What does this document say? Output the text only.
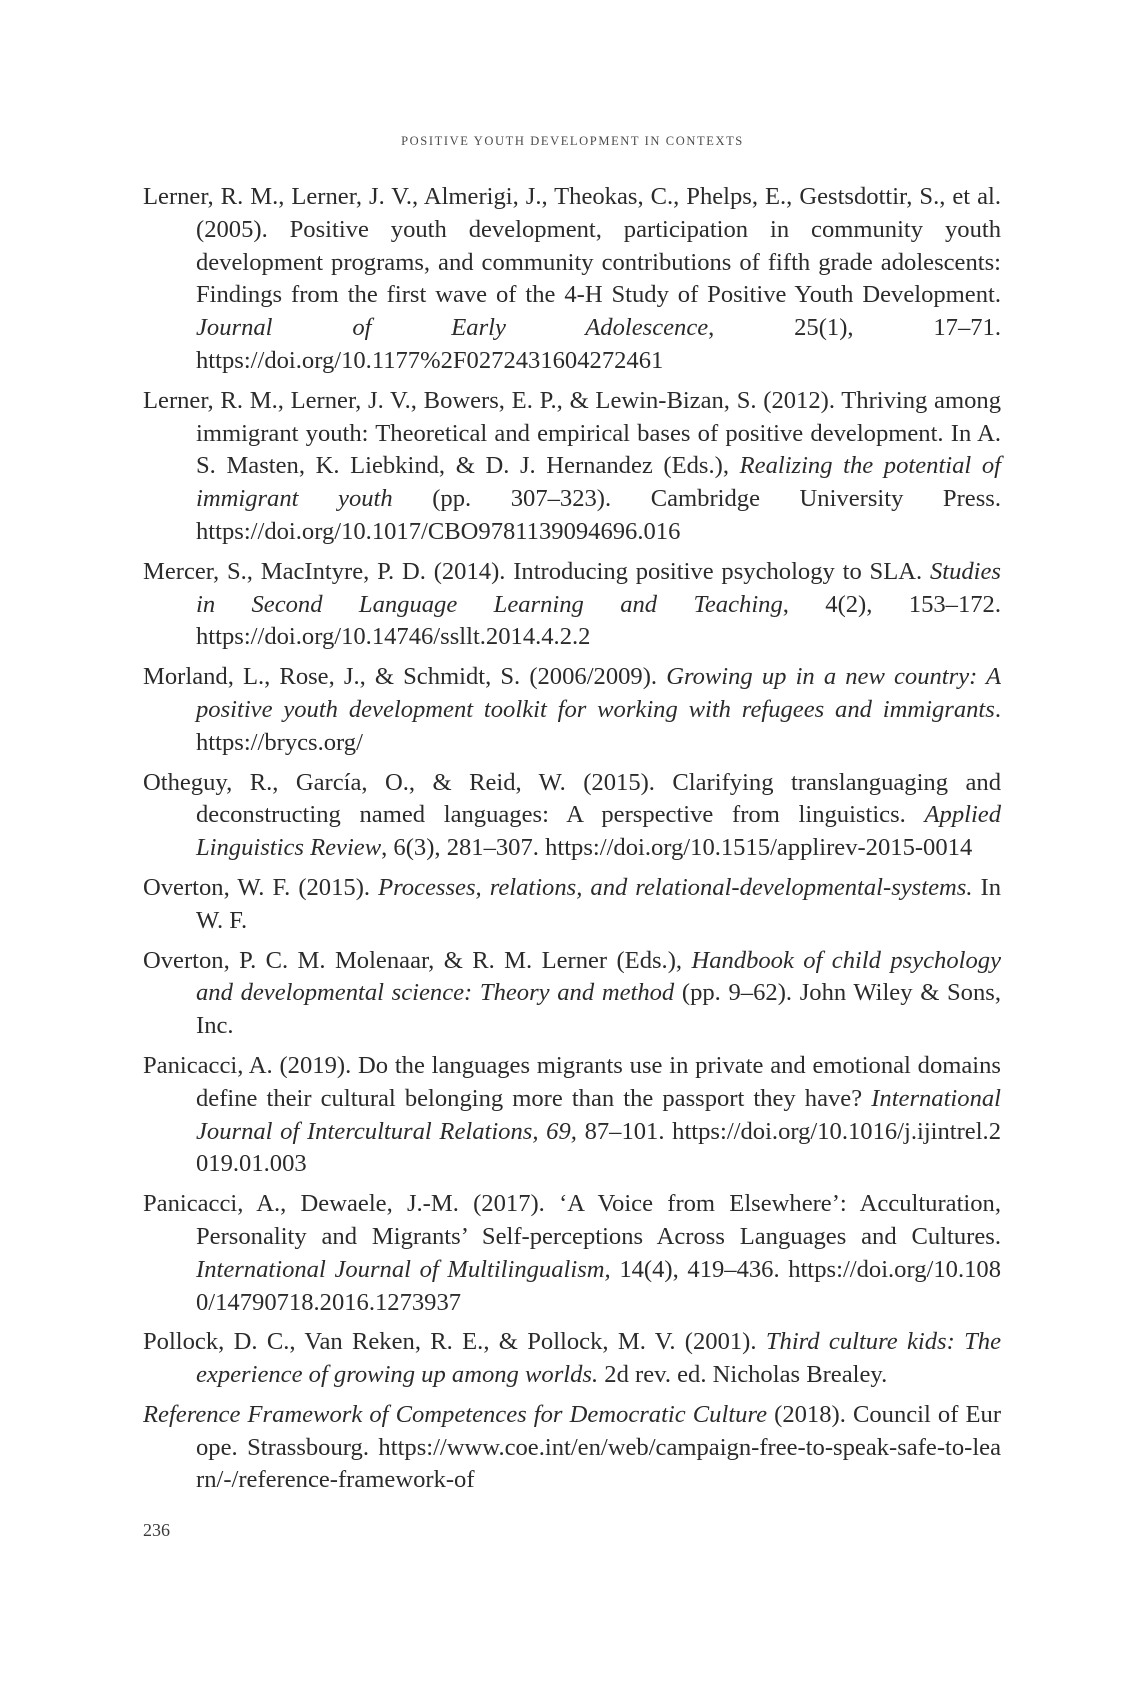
POSITIVE YOUTH DEVELOPMENT IN CONTEXTS

Lerner, R. M., Lerner, J. V., Almerigi, J., Theokas, C., Phelps, E., Gestsdottir, S., et al. (2005). Positive youth development, participation in community youth development programs, and community contributions of fifth grade adolescents: Findings from the first wave of the 4-H Study of Positive Youth Development. Journal of Early Adolescence, 25(1), 17–71. https://doi.org/10.1177%2F0272431604272461

Lerner, R. M., Lerner, J. V., Bowers, E. P., & Lewin-Bizan, S. (2012). Thriving among immigrant youth: Theoretical and empirical bases of positive development. In A. S. Masten, K. Liebkind, & D. J. Hernandez (Eds.), Realizing the potential of immigrant youth (pp. 307–323). Cambridge University Press. https://doi.org/10.1017/CBO9781139094696.016

Mercer, S., MacIntyre, P. D. (2014). Introducing positive psychology to SLA. Studies in Second Language Learning and Teaching, 4(2), 153–172. https://doi.org/10.14746/ssllt.2014.4.2.2

Morland, L., Rose, J., & Schmidt, S. (2006/2009). Growing up in a new country: A positive youth development toolkit for working with refugees and immigrants. https://brycs.org/

Otheguy, R., García, O., & Reid, W. (2015). Clarifying translanguaging and deconstructing named languages: A perspective from linguistics. Applied Linguistics Review, 6(3), 281–307. https://doi.org/10.1515/applirev-2015-0014

Overton, W. F. (2015). Processes, relations, and relational-developmental-systems. In W. F.

Overton, P. C. M. Molenaar, & R. M. Lerner (Eds.), Handbook of child psychology and developmental science: Theory and method (pp. 9–62). John Wiley & Sons, Inc.

Panicacci, A. (2019). Do the languages migrants use in private and emotional domains define their cultural belonging more than the passport they have? International Journal of Intercultural Relations, 69, 87–101. https://doi.org/10.1016/j.ijintrel.2019.01.003

Panicacci, A., Dewaele, J.-M. (2017). ‘A Voice from Elsewhere’: Acculturation, Personality and Migrants’ Self-perceptions Across Languages and Cultures. International Journal of Multilingualism, 14(4), 419–436. https://doi.org/10.1080/14790718.2016.1273937

Pollock, D. C., Van Reken, R. E., & Pollock, M. V. (2001). Third culture kids: The experience of growing up among worlds. 2d rev. ed. Nicholas Brealey.

Reference Framework of Competences for Democratic Culture (2018). Council of Europe. Strassbourg. https://www.coe.int/en/web/campaign-free-to-speak-safe-to-learn/-/reference-framework-of

236
